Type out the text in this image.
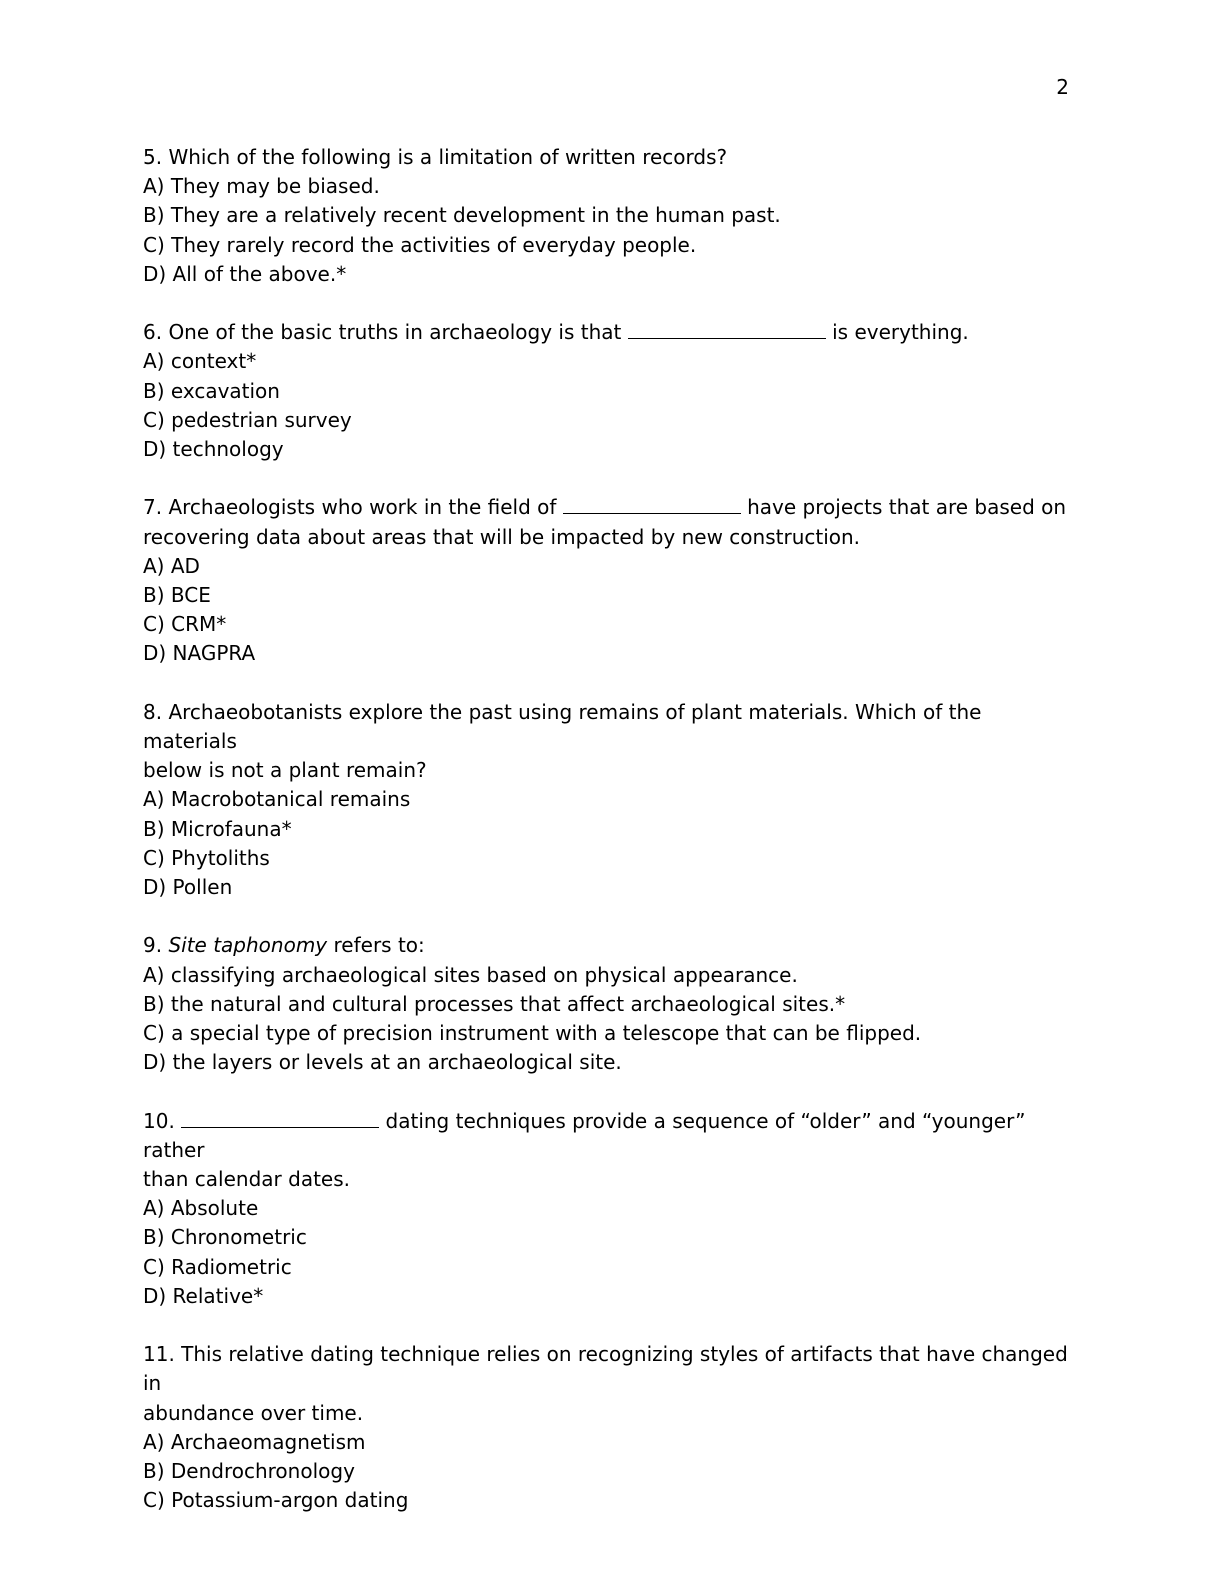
2
5. Which of the following is a limitation of written records?
A) They may be biased.
B) They are a relatively recent development in the human past.
C) They rarely record the activities of everyday people.
D) All of the above.*
6. One of the basic truths in archaeology is that	is everything.
A) context*
B) excavation
C) pedestrian survey
D) technology
7. Archaeologists who work in the field of	have projects that are based on
recovering data about areas that will be impacted by new construction.
A) AD
B) BCE
C) CRM*
D) NAGPRA
8. Archaeobotanists explore the past using remains of plant materials. Which of the materials
below is not a plant remain?
A) Macrobotanical remains
B) Microfauna*
C) Phytoliths
D) Pollen
9. Site taphonomy refers to:
A) classifying archaeological sites based on physical appearance.
B) the natural and cultural processes that affect archaeological sites.*
C) a special type of precision instrument with a telescope that can be flipped.
D) the layers or levels at an archaeological site.
10.	dating techniques provide a sequence of “older” and “younger” rather
than calendar dates.
A) Absolute
B) Chronometric
C) Radiometric
D) Relative*
11. This relative dating technique relies on recognizing styles of artifacts that have changed in
abundance over time.
A) Archaeomagnetism
B) Dendrochronology
C) Potassium-argon dating
